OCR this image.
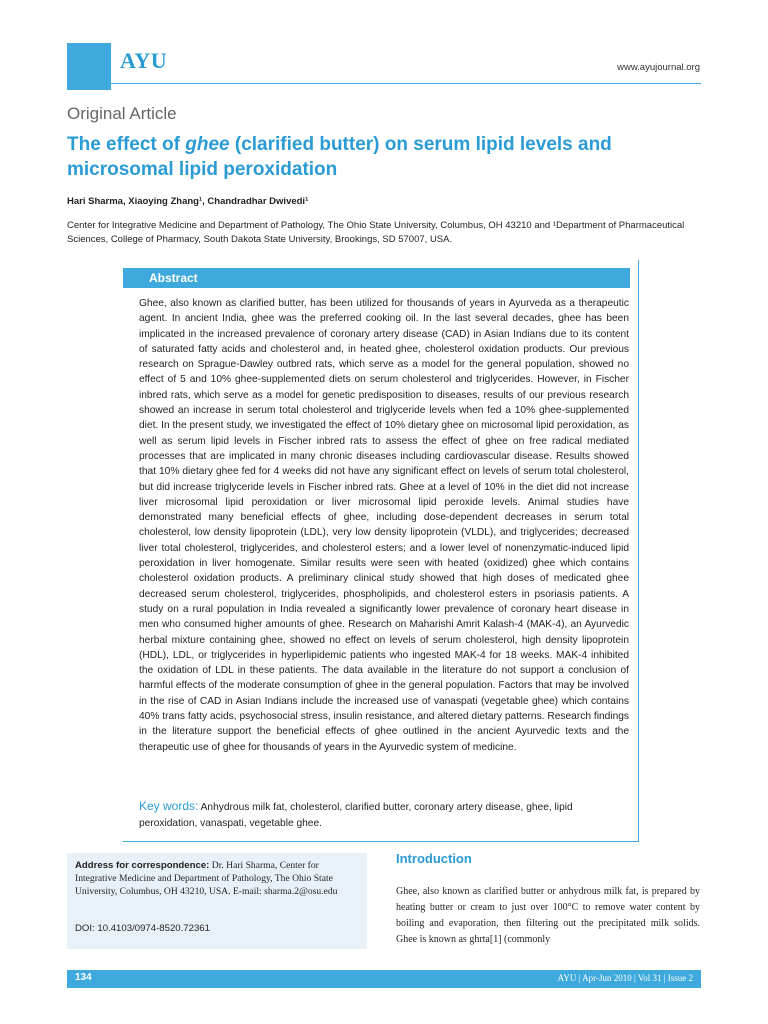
AYU	www.ayujournal.org
Original Article
The effect of ghee (clarified butter) on serum lipid levels and microsomal lipid peroxidation
Hari Sharma, Xiaoying Zhang¹, Chandradhar Dwivedi¹
Center for Integrative Medicine and Department of Pathology, The Ohio State University, Columbus, OH 43210 and ¹Department of Pharmaceutical Sciences, College of Pharmacy, South Dakota State University, Brookings, SD 57007, USA.
Abstract
Ghee, also known as clarified butter, has been utilized for thousands of years in Ayurveda as a therapeutic agent. In ancient India, ghee was the preferred cooking oil. In the last several decades, ghee has been implicated in the increased prevalence of coronary artery disease (CAD) in Asian Indians due to its content of saturated fatty acids and cholesterol and, in heated ghee, cholesterol oxidation products. Our previous research on Sprague-Dawley outbred rats, which serve as a model for the general population, showed no effect of 5 and 10% ghee-supplemented diets on serum cholesterol and triglycerides. However, in Fischer inbred rats, which serve as a model for genetic predisposition to diseases, results of our previous research showed an increase in serum total cholesterol and triglyceride levels when fed a 10% ghee-supplemented diet. In the present study, we investigated the effect of 10% dietary ghee on microsomal lipid peroxidation, as well as serum lipid levels in Fischer inbred rats to assess the effect of ghee on free radical mediated processes that are implicated in many chronic diseases including cardiovascular disease. Results showed that 10% dietary ghee fed for 4 weeks did not have any significant effect on levels of serum total cholesterol, but did increase triglyceride levels in Fischer inbred rats. Ghee at a level of 10% in the diet did not increase liver microsomal lipid peroxidation or liver microsomal lipid peroxide levels. Animal studies have demonstrated many beneficial effects of ghee, including dose-dependent decreases in serum total cholesterol, low density lipoprotein (LDL), very low density lipoprotein (VLDL), and triglycerides; decreased liver total cholesterol, triglycerides, and cholesterol esters; and a lower level of nonenzymatic-induced lipid peroxidation in liver homogenate. Similar results were seen with heated (oxidized) ghee which contains cholesterol oxidation products. A preliminary clinical study showed that high doses of medicated ghee decreased serum cholesterol, triglycerides, phospholipids, and cholesterol esters in psoriasis patients. A study on a rural population in India revealed a significantly lower prevalence of coronary heart disease in men who consumed higher amounts of ghee. Research on Maharishi Amrit Kalash-4 (MAK-4), an Ayurvedic herbal mixture containing ghee, showed no effect on levels of serum cholesterol, high density lipoprotein (HDL), LDL, or triglycerides in hyperlipidemic patients who ingested MAK-4 for 18 weeks. MAK-4 inhibited the oxidation of LDL in these patients. The data available in the literature do not support a conclusion of harmful effects of the moderate consumption of ghee in the general population. Factors that may be involved in the rise of CAD in Asian Indians include the increased use of vanaspati (vegetable ghee) which contains 40% trans fatty acids, psychosocial stress, insulin resistance, and altered dietary patterns. Research findings in the literature support the beneficial effects of ghee outlined in the ancient Ayurvedic texts and the therapeutic use of ghee for thousands of years in the Ayurvedic system of medicine.
Key words: Anhydrous milk fat, cholesterol, clarified butter, coronary artery disease, ghee, lipid peroxidation, vanaspati, vegetable ghee.
Address for correspondence: Dr. Hari Sharma, Center for Integrative Medicine and Department of Pathology, The Ohio State University, Columbus, OH 43210, USA. E-mail: sharma.2@osu.edu
DOI: 10.4103/0974-8520.72361
Introduction
Ghee, also known as clarified butter or anhydrous milk fat, is prepared by heating butter or cream to just over 100°C to remove water content by boiling and evaporation, then filtering out the precipitated milk solids. Ghee is known as ghrta[1] (commonly
134	AYU | Apr-Jun 2010 | Vol 31 | Issue 2
